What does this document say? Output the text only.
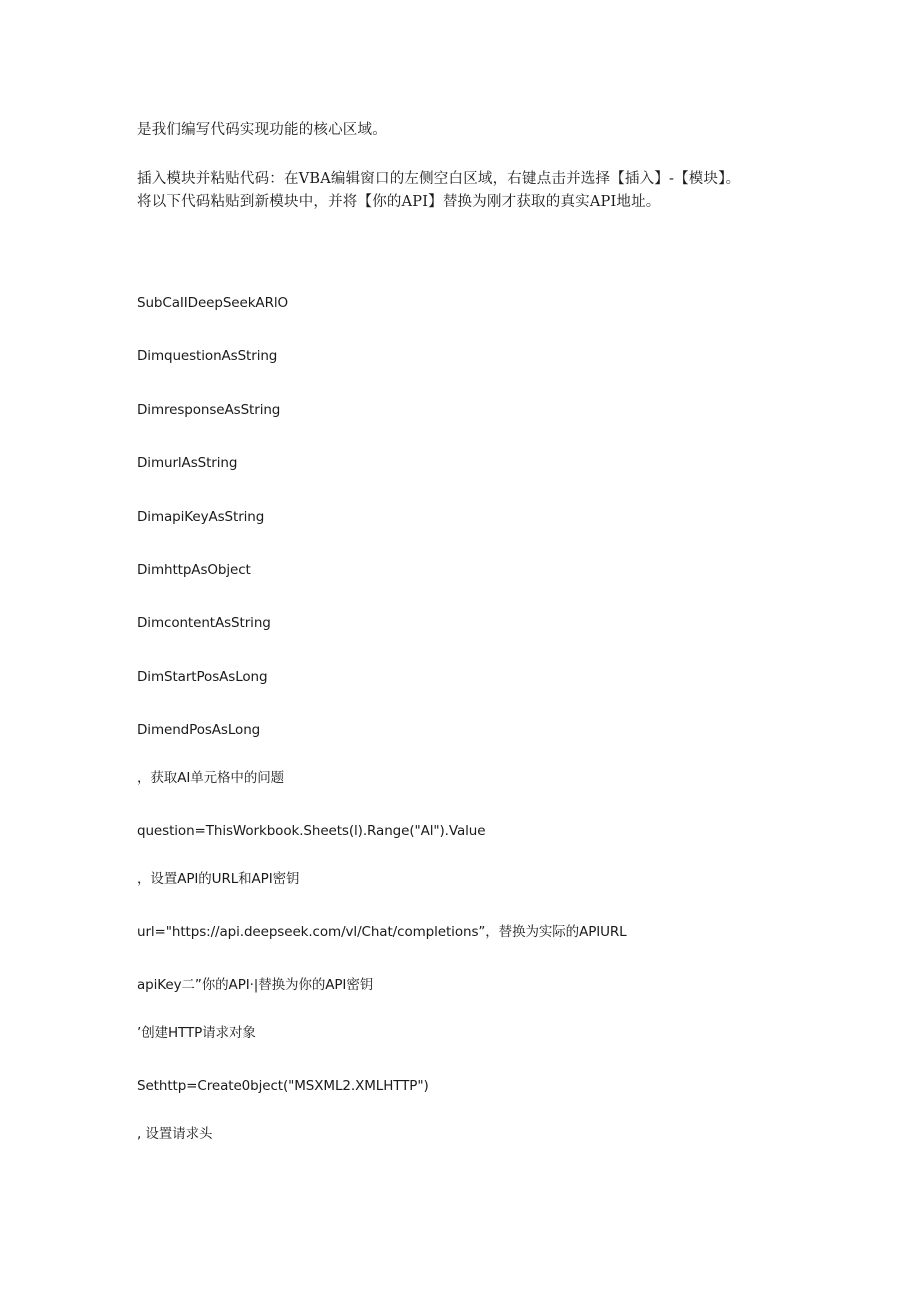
是我们编写代码实现功能的核心区域。
插入模块并粘贴代码：在VBA编辑窗口的左侧空白区域，右键点击并选择【插入】-【模块】。
将以下代码粘贴到新模块中，并将【你的API】替换为刚才获取的真实API地址。
SubCaIIDeepSeekARlO
DimquestionAsString
DimresponseAsString
DimurlAsString
DimapiKeyAsString
DimhttpAsObject
DimcontentAsString
DimStartPosAsLong
DimendPosAsLong
，获取AI单元格中的问题
question=ThisWorkbook.Sheets(l).Range("Al").Value
，设置API的URL和API密钥
url="https://api.deepseek.com/vl/Chat/completions”，替换为实际的APIURL
apiKey二”你的API·|替换为你的API密钥
’创建HTTP请求对象
Sethttp=Create0bject("MSXML2.XMLHTTP")
, 设置请求头
